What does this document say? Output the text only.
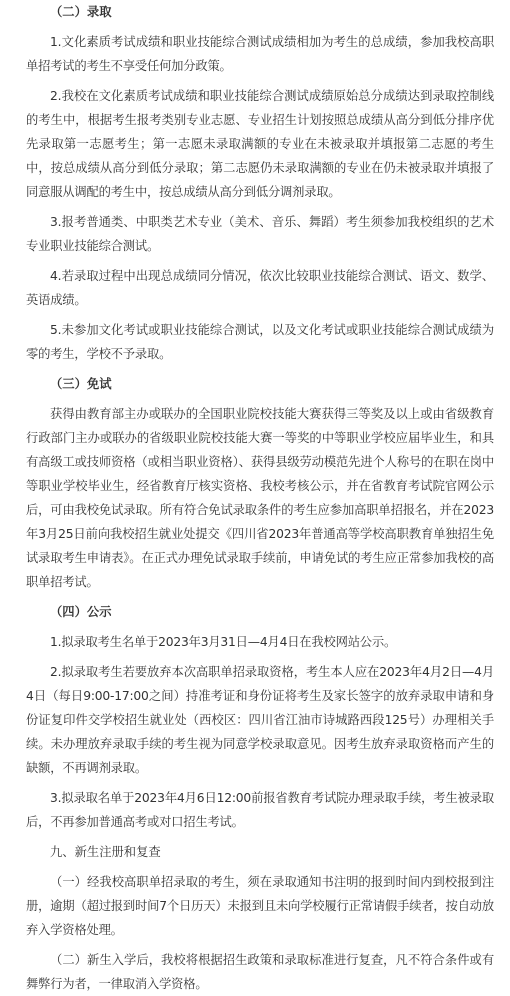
（二）录取

1.文化素质考试成绩和职业技能综合测试成绩相加为考生的总成绩，参加我校高职单招考试的考生不享受任何加分政策。

2.我校在文化素质考试成绩和职业技能综合测试成绩原始总分成绩达到录取控制线的考生中，根据考生报考类别专业志愿、专业招生计划按照总成绩从高分到低分排序优先录取第一志愿考生；第一志愿未录取满额的专业在未被录取并填报第二志愿的考生中，按总成绩从高分到低分录取；第二志愿仍未录取满额的专业在仍未被录取并填报了同意服从调配的考生中，按总成绩从高分到低分调剂录取。

3.报考普通类、中职类艺术专业（美术、音乐、舞蹈）考生须参加我校组织的艺术专业职业技能综合测试。

4.若录取过程中出现总成绩同分情况，依次比较职业技能综合测试、语文、数学、英语成绩。

5.未参加文化考试或职业技能综合测试，以及文化考试或职业技能综合测试成绩为零的考生，学校不予录取。

（三）免试

获得由教育部主办或联办的全国职业院校技能大赛获得三等奖及以上或由省级教育行政部门主办或联办的省级职业院校技能大赛一等奖的中等职业学校应届毕业生，和具有高级工或技师资格（或相当职业资格）、获得县级劳动模范先进个人称号的在职在岗中等职业学校毕业生，经省教育厅核实资格、我校考核公示，并在省教育考试院官网公示后，可由我校免试录取。所有符合免试录取条件的考生应参加高职单招报名，并在2023年3月25日前向我校招生就业处提交《四川省2023年普通高等学校高职教育单独招生免试录取考生申请表》。在正式办理免试录取手续前，申请免试的考生应正常参加我校的高职单招考试。

（四）公示

1.拟录取考生名单于2023年3月31日—4月4日在我校网站公示。

2.拟录取考生若要放弃本次高职单招录取资格，考生本人应在2023年4月2日—4月4日（每日9:00-17:00之间）持准考证和身份证将考生及家长签字的放弃录取申请和身份证复印件交学校招生就业处（西校区：四川省江油市诗城路西段125号）办理相关手续。未办理放弃录取手续的考生视为同意学校录取意见。因考生放弃录取资格而产生的缺额，不再调剂录取。

3.拟录取名单于2023年4月6日12:00前报省教育考试院办理录取手续，考生被录取后，不再参加普通高考或对口招生考试。

九、新生注册和复查

（一）经我校高职单招录取的考生，须在录取通知书注明的报到时间内到校报到注册，逾期（超过报到时间7个日历天）未报到且未向学校履行正常请假手续者，按自动放弃入学资格处理。

（二）新生入学后，我校将根据招生政策和录取标准进行复查，凡不符合条件或有舞弊行为者，一律取消入学资格。
